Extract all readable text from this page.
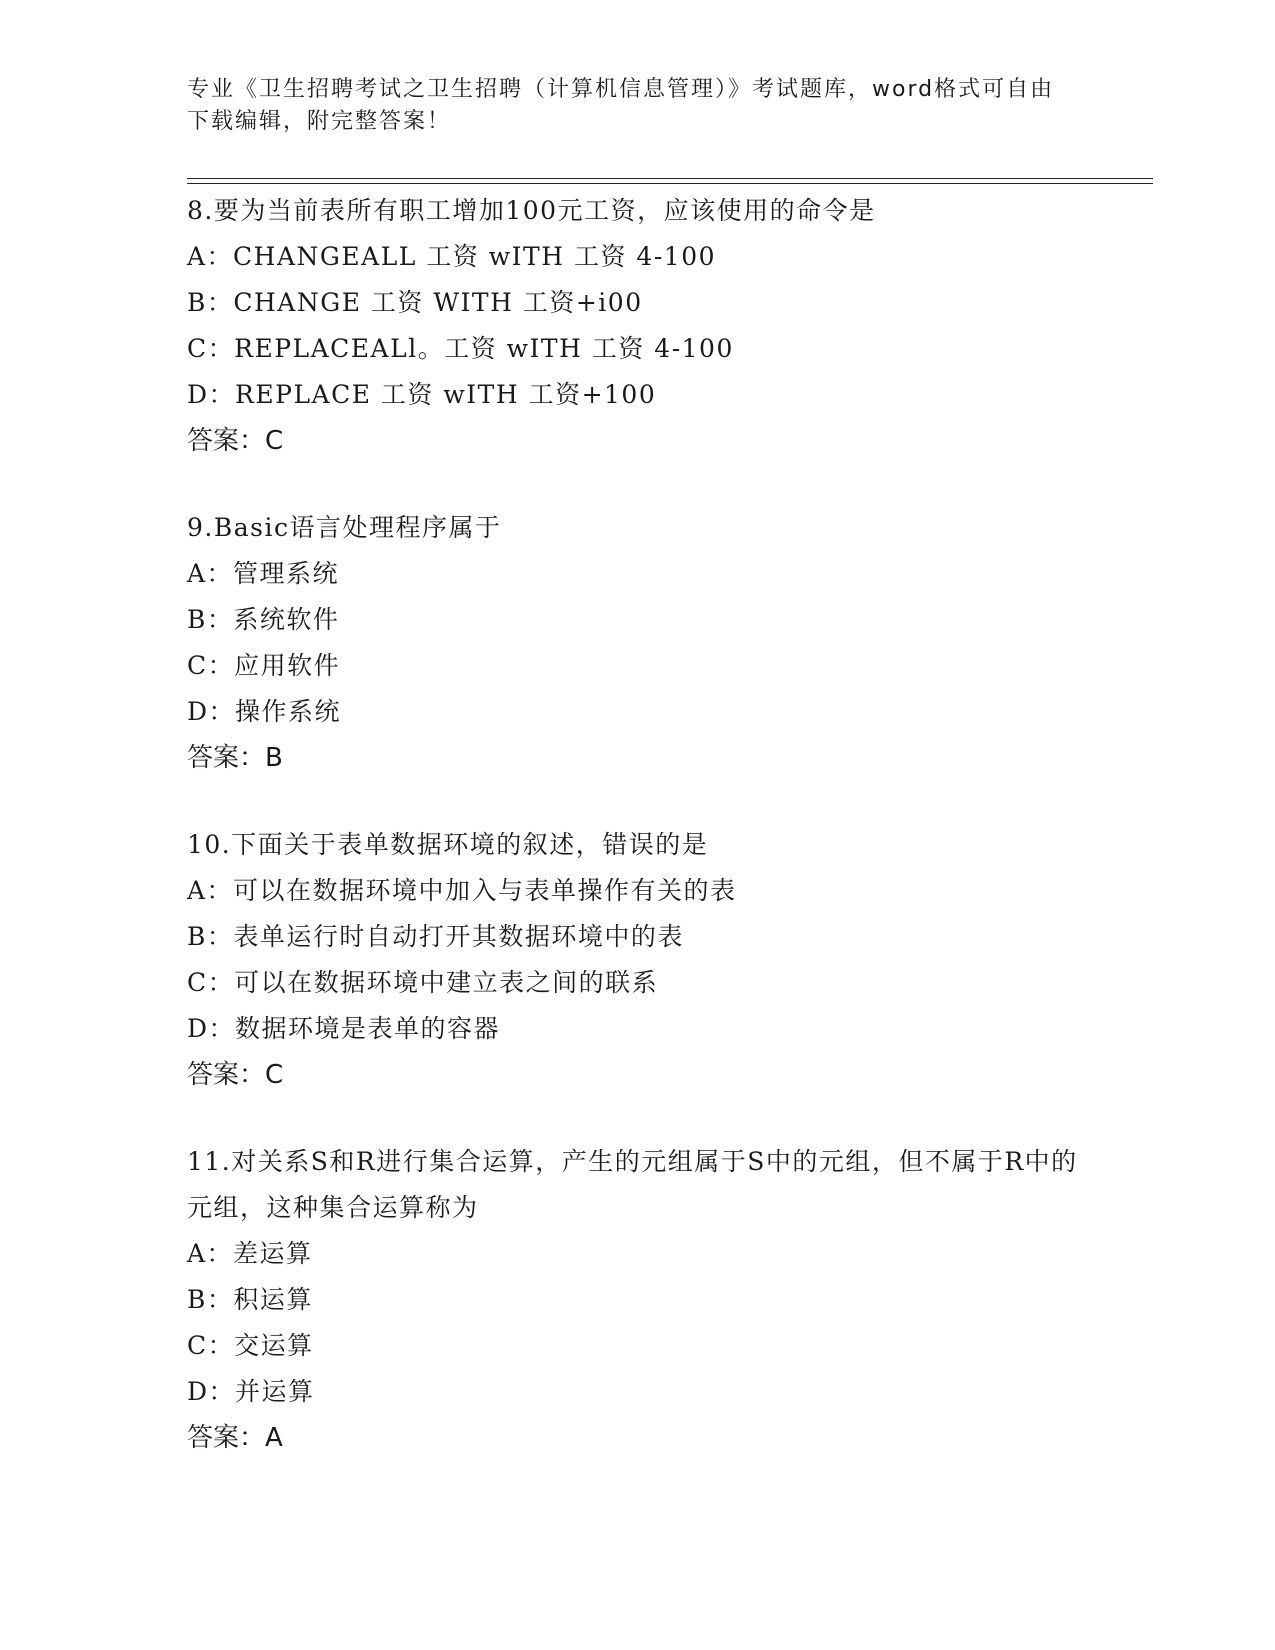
专业《卫生招聘考试之卫生招聘（计算机信息管理）》考试题库，word格式可自由下载编辑，附完整答案！

8.要为当前表所有职工增加100元工资，应该使用的命令是

A：CHANGEALL 工资 wITH 工资 4-100

B：CHANGE 工资 WITH 工资+i00

C：REPLACEALl。工资 wITH 工资 4-100

D：REPLACE 工资 wITH 工资+100

答案：C

9.Basic语言处理程序属于

A：管理系统

B：系统软件

C：应用软件

D：操作系统

答案：B

10.下面关于表单数据环境的叙述，错误的是

A：可以在数据环境中加入与表单操作有关的表

B：表单运行时自动打开其数据环境中的表

C：可以在数据环境中建立表之间的联系

D：数据环境是表单的容器

答案：C

11.对关系S和R进行集合运算，产生的元组属于S中的元组，但不属于R中的元组，这种集合运算称为

A：差运算

B：积运算

C：交运算

D：并运算

答案：A
